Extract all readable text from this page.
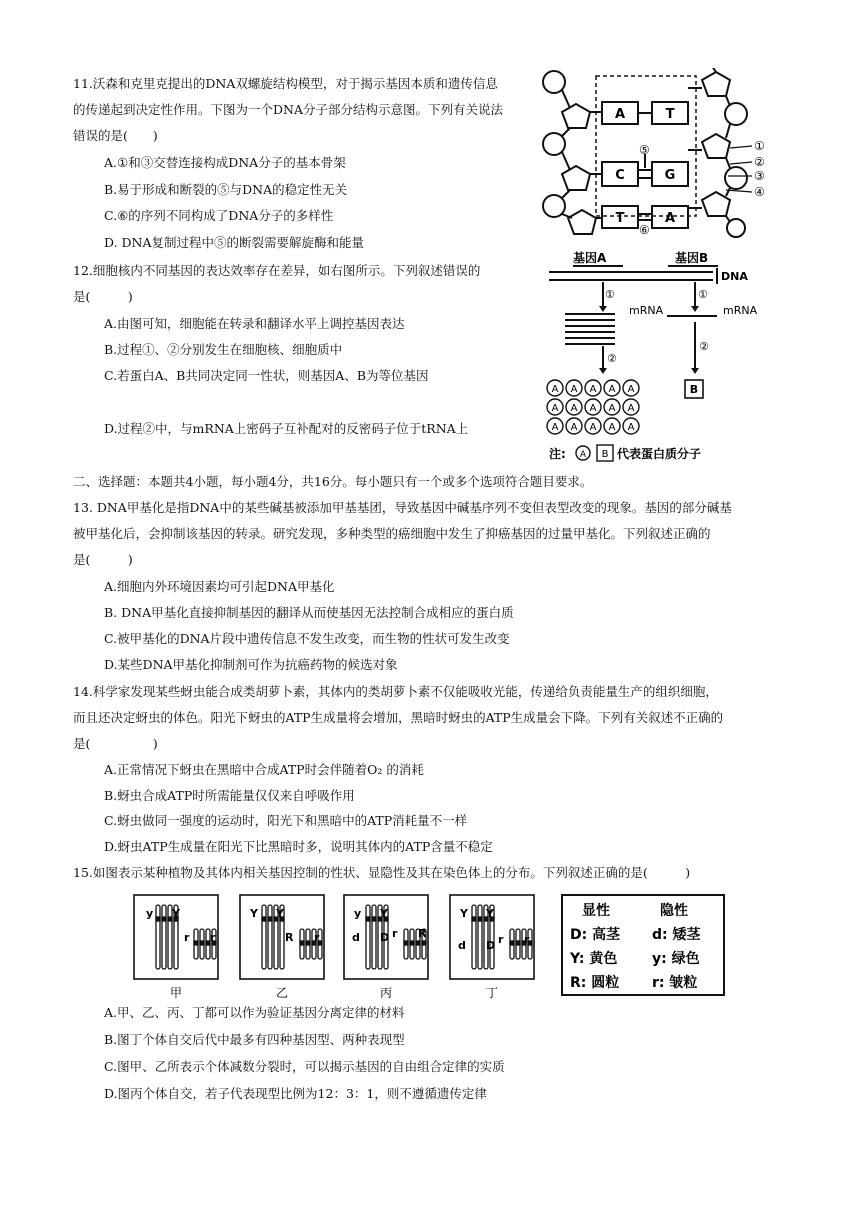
11.沃森和克里克提出的DNA双螺旋结构模型，对于揭示基因本质和遗传信息
的传递起到决定性作用。下图为一个DNA分子部分结构示意图。下列有关说法
错误的是(　　)
A.①和③交替连接构成DNA分子的基本骨架
B.易于形成和断裂的⑤与DNA的稳定性无关
C.⑥的序列不同构成了DNA分子的多样性
D. DNA复制过程中⑤的断裂需要解旋酶和能量
A	T
C	G
T	A
⑤	①
②
③
④
⑥
12.细胞核内不同基因的表达效率存在差异，如右图所示。下列叙述错误的
是(　　　)
A.由图可知，细胞能在转录和翻译水平上调控基因表达
B.过程①、②分别发生在细胞核、细胞质中
C.若蛋白A、B共同决定同一性状，则基因A、B为等位基因
D.过程②中，与mRNA上密码子互补配对的反密码子位于tRNA上
基因A	基因B
DNA
①	①
mRNA	mRNA
②
②
B
注: A B 代表蛋白质分子
A A A A A
A A A A A
A A A A A
二、选择题：本题共4小题，每小题4分，共16分。每小题只有一个或多个选项符合题目要求。
13. DNA甲基化是指DNA中的某些碱基被添加甲基基团，导致基因中碱基序列不变但表型改变的现象。基因的部分碱基
被甲基化后，会抑制该基因的转录。研究发现，多种类型的癌细胞中发生了抑癌基因的过量甲基化。下列叙述正确的
是(　　　)
A.细胞内外环境因素均可引起DNA甲基化
B. DNA甲基化直接抑制基因的翻译从而使基因无法控制合成相应的蛋白质
C.被甲基化的DNA片段中遗传信息不发生改变，而生物的性状可发生改变
D.某些DNA甲基化抑制剂可作为抗癌药物的候选对象
14.科学家发现某些蚜虫能合成类胡萝卜素，其体内的类胡萝卜素不仅能吸收光能，传递给负责能量生产的组织细胞，
而且还决定蚜虫的体色。阳光下蚜虫的ATP生成量将会增加，黑暗时蚜虫的ATP生成量会下降。下列有关叙述不正确的
是(　　　　　)
A.正常情况下蚜虫在黑暗中合成ATP时会伴随着O₂ 的消耗
B.蚜虫合成ATP时所需能量仅仅来自呼吸作用
C.蚜虫做同一强度的运动时，阳光下和黑暗中的ATP消耗量不一样
D.蚜虫ATP生成量在阳光下比黑暗时多，说明其体内的ATP含量不稳定
15.如图表示某种植物及其体内相关基因控制的性状、显隐性及其在染色体上的分布。下列叙述正确的是(　　　)
y Y
r r
Y Y
R r
y Y
d D r R
Y Y
d D r r
甲	乙	丙	丁
显性	隐性
D: 高茎 d: 矮茎
Y: 黄色 y: 绿色
R: 圆粒 r: 皱粒
A.甲、乙、丙、丁都可以作为验证基因分离定律的材料
B.图丁个体自交后代中最多有四种基因型、两种表现型
C.图甲、乙所表示个体减数分裂时，可以揭示基因的自由组合定律的实质
D.图丙个体自交，若子代表现型比例为12：3：1，则不遵循遗传定律
